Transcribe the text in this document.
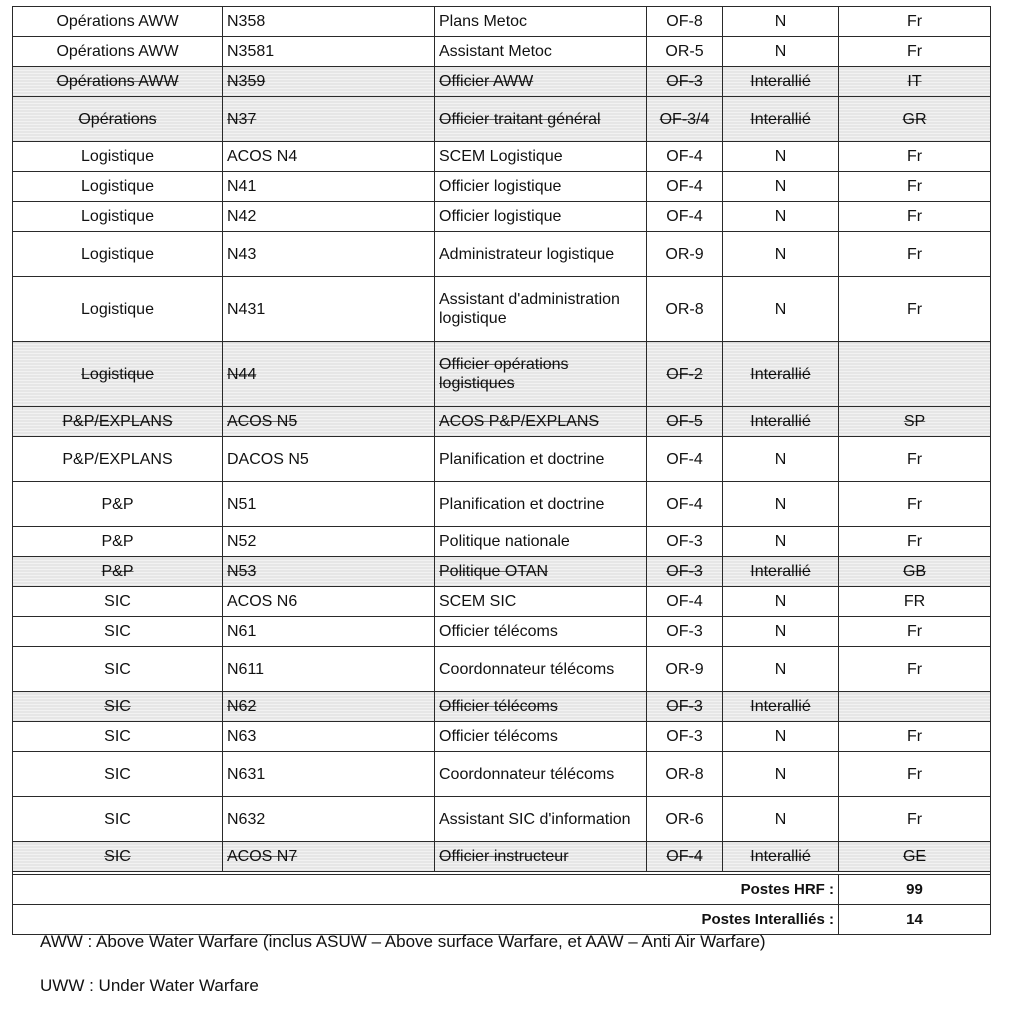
Opérations AWW	N358	Plans Metoc	OF-8	N	Fr
Opérations AWW	N3581	Assistant Metoc	OR-5	N	Fr
Opérations AWW	N359	Officier AWW	OF-3	Interallié	IT
Opérations	N37	Officier traitant général	OF-3/4	Interallié	GR
Logistique	ACOS N4	SCEM Logistique	OF-4	N	Fr
Logistique	N41	Officier logistique	OF-4	N	Fr
Logistique	N42	Officier logistique	OF-4	N	Fr
Logistique	N43	Administrateur logistique	OR-9	N	Fr
Logistique	N431	Assistant d'administration logistique	OR-8	N	Fr
Logistique	N44	Officier opérations logistiques	OF-2	Interallié	
P&P/EXPLANS	ACOS N5	ACOS P&P/EXPLANS	OF-5	Interallié	SP
P&P/EXPLANS	DACOS N5	Planification et doctrine	OF-4	N	Fr
P&P	N51	Planification et doctrine	OF-4	N	Fr
P&P	N52	Politique nationale	OF-3	N	Fr
P&P	N53	Politique OTAN	OF-3	Interallié	GB
SIC	ACOS N6	SCEM SIC	OF-4	N	FR
SIC	N61	Officier télécoms	OF-3	N	Fr
SIC	N611	Coordonnateur télécoms	OR-9	N	Fr
SIC	N62	Officier télécoms	OF-3	Interallié	
SIC	N63	Officier télécoms	OF-3	N	Fr
SIC	N631	Coordonnateur télécoms	OR-8	N	Fr
SIC	N632	Assistant SIC d'information	OR-6	N	Fr
SIC	ACOS N7	Officier instructeur	OF-4	Interallié	GE

Postes HRF :					99
Postes Interalliés :					14
AWW : Above Water Warfare (inclus ASUW – Above surface Warfare, et AAW – Anti Air Warfare)
UWW : Under Water Warfare
